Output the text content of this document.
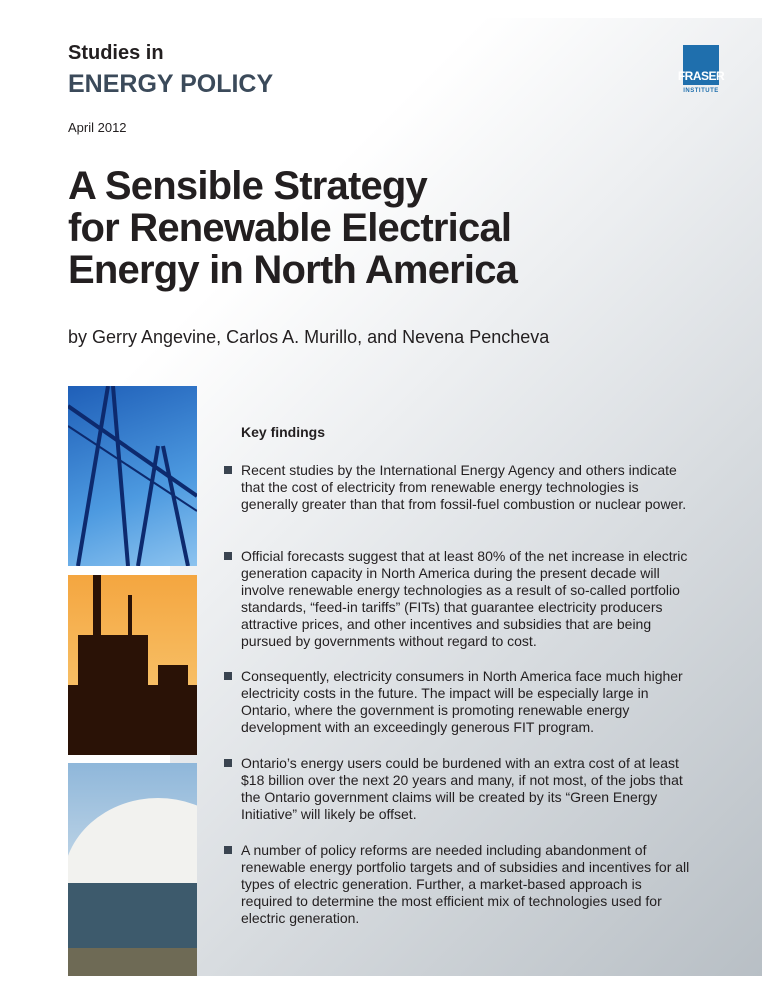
Studies in
ENERGY POLICY	FRASER
INSTITUTE
April 2012
A Sensible Strategy
for Renewable Electrical
Energy in North America
by Gerry Angevine, Carlos A. Murillo, and Nevena Pencheva
Key findings
Recent studies by the International Energy Agency and others indicate that the cost of electricity from renewable energy technologies is generally greater than that from fossil-fuel combustion or nuclear power.
Official forecasts suggest that at least 80% of the net increase in electric generation capacity in North America during the present decade will involve renewable energy technologies as a result of so-called portfolio standards, “feed-in tariffs” (FITs) that guarantee electricity producers attractive prices, and other incentives and subsidies that are being pursued by governments without regard to cost.
Consequently, electricity consumers in North America face much higher electricity costs in the future. The impact will be especially large in Ontario, where the government is promoting renewable energy development with an exceedingly generous FIT program.
Ontario’s energy users could be burdened with an extra cost of at least $18 billion over the next 20 years and many, if not most, of the jobs that the Ontario government claims will be created by its “Green Energy Initiative” will likely be offset.
A number of policy reforms are needed including abandonment of renewable energy portfolio targets and of subsidies and incentives for all types of electric generation. Further, a market-based approach is required to determine the most efficient mix of technologies used for electric generation.
